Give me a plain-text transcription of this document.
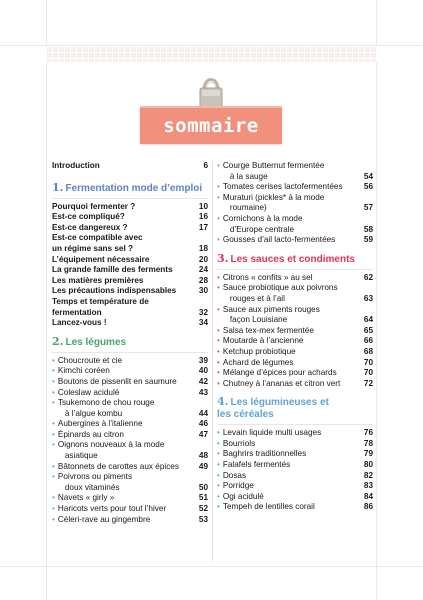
sommaire
Introduction	6
1. Fermentation mode d’emploi
Pourquoi fermenter ?	10
Est-ce compliqué?	16
Est-ce dangereux ?	17
Est-ce compatible avec
un régime sans sel ?	18
L’équipement nécessaire	20
La grande famille des ferments	24
Les matières premières	28
Les précautions indispensables	30
Temps et température de fermentation	32
Lancez-vous !	34
2. Les légumes
• Choucroute et cie	39
• Kimchi coréen	40
• Boutons de pissenlit en saumure	42
• Coleslaw acidulé	43
• Tsukemono de chou rouge
à l’algue kombu	44
• Aubergines à l’italienne	46
• Épinards au citron	47
• Oignons nouveaux à la mode
asiatique	48
• Bâtonnets de carottes aux épices	49
• Poivrons ou piments
doux vitaminés	50
• Navets « girly »	51
• Haricots verts pour tout l’hiver	52
• Céleri-rave au gingembre	53
• Courge Butternut fermentée
à la sauge	54
• Tomates cerises lactofermentées	56
• Muraturi (pickles* à la mode
roumaine)	57
• Cornichons à la mode
d’Europe centrale	58
• Gousses d’ail lacto-fermentées	59
3. Les sauces et condiments
• Citrons « confits » au sel	62
• Sauce probiotique aux poivrons
rouges et à l’ail	63
• Sauce aux piments rouges
façon Louisiane	64
• Salsa tex-mex fermentée	65
• Moutarde à l’ancienne	66
• Ketchup probiotique	68
• Achard de légumes	70
• Mélange d’épices pour achards	70
• Chutney à l’ananas et citron vert	72
4. Les légumineuses et
les céréales
• Levain liquide multi usages	76
• Bourriols	78
• Baghrirs traditionnelles	79
• Falafels fermentés	80
• Dosas	82
• Porridge	83
• Ogi acidulé	84
• Tempeh de lentilles corail	86
